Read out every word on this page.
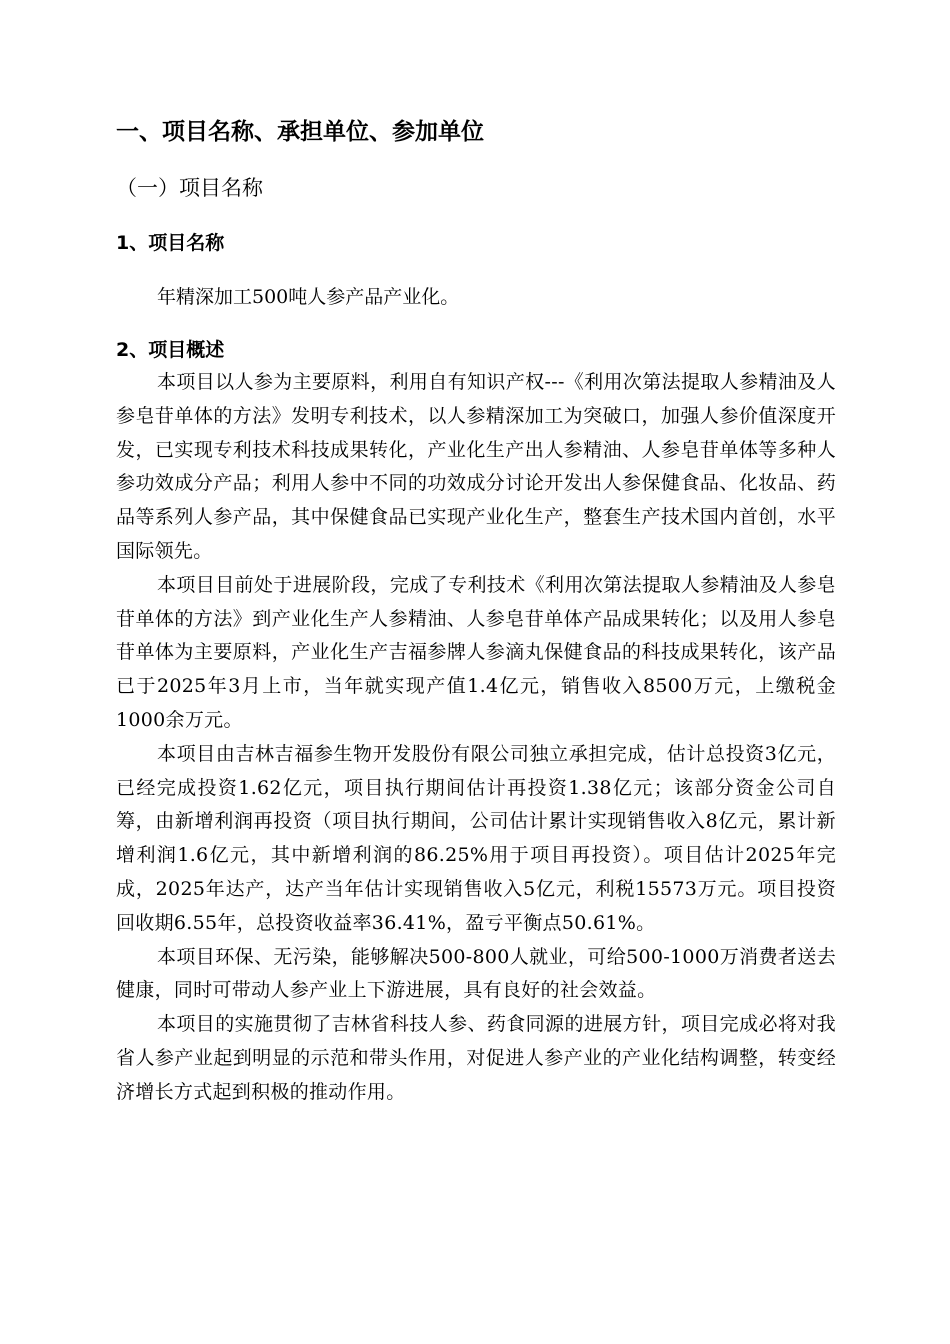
一、项目名称、承担单位、参加单位
（一）项目名称
1、项目名称

年精深加工500吨人参产品产业化。

2、项目概述

本项目以人参为主要原料，利用自有知识产权---《利用次第法提取人参精油及人参皂苷单体的方法》发明专利技术，以人参精深加工为突破口，加强人参价值深度开发，已实现专利技术科技成果转化，产业化生产出人参精油、人参皂苷单体等多种人参功效成分产品；利用人参中不同的功效成分讨论开发出人参保健食品、化妆品、药品等系列人参产品，其中保健食品已实现产业化生产，整套生产技术国内首创，水平国际领先。

本项目目前处于进展阶段，完成了专利技术《利用次第法提取人参精油及人参皂苷单体的方法》到产业化生产人参精油、人参皂苷单体产品成果转化；以及用人参皂苷单体为主要原料，产业化生产吉福参牌人参滴丸保健食品的科技成果转化，该产品已于2025年3月上市，当年就实现产值1.4亿元，销售收入8500万元，上缴税金1000余万元。

本项目由吉林吉福参生物开发股份有限公司独立承担完成，估计总投资3亿元，已经完成投资1.62亿元，项目执行期间估计再投资1.38亿元；该部分资金公司自筹，由新增利润再投资（项目执行期间，公司估计累计实现销售收入8亿元，累计新增利润1.6亿元，其中新增利润的86.25%用于项目再投资）。项目估计2025年完成，2025年达产，达产当年估计实现销售收入5亿元，利税15573万元。项目投资回收期6.55年，总投资收益率36.41%，盈亏平衡点50.61%。

本项目环保、无污染，能够解决500-800人就业，可给500-1000万消费者送去健康，同时可带动人参产业上下游进展，具有良好的社会效益。

本项目的实施贯彻了吉林省科技人参、药食同源的进展方针，项目完成必将对我省人参产业起到明显的示范和带头作用，对促进人参产业的产业化结构调整，转变经济增长方式起到积极的推动作用。
